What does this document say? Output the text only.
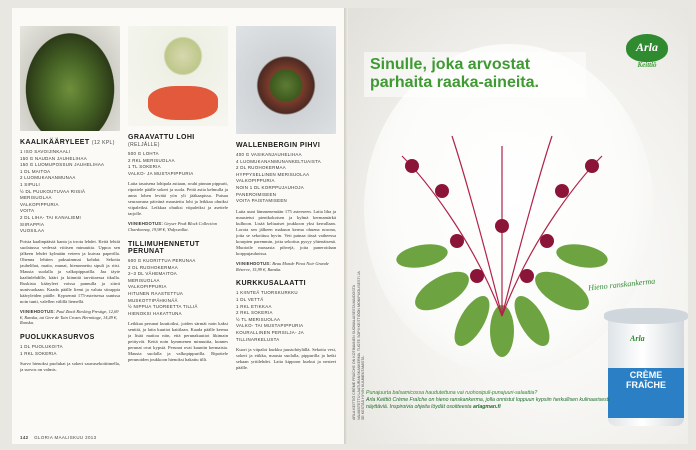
KAALIKÄÄRYLEET (12 KPL)
1 ISO SAVOIJINKAALI
150 G NAUDAN JAUHELIHAA
150 G LUOMUPOSSUN JAUHELIHAA
1 DL MAITOA
2 LUOMUKANANMUNAA
1 SIPULI
½ DL PUUKOUTUVAA RIISIÄ
MERISUOLAA
VALKOPIPPURIA
VOITA
2 DL LIHA- TAI KANALIEMI
SIIRAPPIA
VUOSILAA
Poista kaalinpäästä kanta ja irrota lehdet. Keitä lehtiä suolatussa vedessä viitisen minuuttia. Uppoa sen jälkeen lehdet kylmään veteen ja kuivaa paperilla. Ohenna lehtien paksuimmat kohdat. Sekoita jauhelihat, maito, munat, hienonnettu sipuli ja riisi. Mausta suolalla ja valkopippurilla. Jaa täyte kaalinlehdille, kääri ja kiinnitä tarvittaessa tikulla. Ruskista kääryleet voissa pannulla ja siirrä uunivuokaan. Kaada päälle liemi ja valuta siirappia kääryleiden päälle. Kypsennä 175-asteisessa uunissa noin tunti, valellen välillä liemellä.
VIINIEHDOTUS: Paul Zinck Riesling Prestige, 12,69 €, Ranska, tai Gere de Tain Crozes Hermitage, 14,49 €, Ranska.
PUOLUKKASURVOS
1 DL PUOLUKOITA
1 RKL SOKERIA
Survo hienoksi puolukat ja sokeri sauvasekoittimella, ja survos on valmis.
GRAAVATTU LOHI
(RELJÄLLE)
500 G LOHTA
2 RKL MERISUOLAA
1 TL SOKERIA
VALKO- JA MUSTAPIPPURIA
Laita tasaisena lohipala astiaan, rouhi pinnan pippurit, ripottele päälle sokeri ja suola. Peitä astia kelmulla ja anna lohen levätä yön yli jääkaapissa. Putsaa seuraavana päivänä maustettu lohi ja leikkaa ohuiksi viipaleiksi. Leikkaa ohuiksi viipaleiksi ja asettele tarjolle.
VIINIEHDOTUS: Geyser Peak Block Collection Chardonnay, 19,98 €, Yhdysvallat.
TILLIMUHENNETUT PERUNAT
600 G KUORITTUA PERUNAA
2 DL RUOHOKERMAA
2–3 DL VÄHEMAITOA
MERISUOLAA
VALKOPIPPURIA
HITUNEN RAASTETTUA
MUSKOTTIPÄHKINÄÄ
½ NIPPUA TUOREETTA TILLIÄ
HIENOKSI HAKATTUNA
Leikkaa perunat kuutioiksi, joiden särmät noin kaksi senttiä, ja laita kuutiot kattilaan. Kaada päälle kerma ja lisää maitoa niin, että perunakuutiot likimain peittyvät. Keitä noin kymmenen minuuttia, kunnes perunat ovat kypsiä. Perunat ovat kauniin kermaisia. Mausta suolalla ja valkopippurilla. Ripottele perunoiden joukkoon hienoksi hakattu tilli.
WALLENBERGIN PIHVI
400 G VASIKANJAUHELIHAA
4 LUOMUKANANMUNANKELTUAISTA
2 DL RUOHOKERMAA
HYPPYSELLINEN MERISUOLAA
VALKOPIPPURIA
NOIN 1 DL KORPPUJAUHOJA
PANEROIMISEEN
VOITA PAISTAMISEEN
Laita uuni lämmenemään 175 asteeseen. Laita liha ja maustetut pienikokoisen ja kylmä kermamärkä kulhoon. Lisää keltuaiset joukkoon yksi kerrallaan. Lorota sen jälkeen makuun kerma ohuena norona, jotta se sekoittuu hyvin. Veti painaa tässä vaiheessa kourpien paremmin, jotta sekoitus pysyy yhtenäisenä. Muotoile massasta pihvejä, joita paneroidaan korppujauhoissa.
VIINIEHDOTUS: Beau Monde Pinot Noir Grande Réserve, 15,99 €, Ranska.
KURKKUSALAATTI
1 KIINTEÄ TUORSKURKKU
1 DL VETTÄ
1 RKL ETIKKAA
2 RKL SOKERIA
½ TL MERISUOLAA
VALKO- TAI MUSTAPIPPURIA
KOURALLINEN PERSILJA- JA
TILLINARKELUSTA
Kuori ja viipaloi kurkku juustohöylällä. Sekoita vesi, sokeri ja etikka, mausta suolalla, pippurilla ja hetki sekaan yrttilehdet. Laita kippoon kurkut ja nesteet päälle.
142 GLORIA MAALISKUU 2013
Sinulle, joka arvostat
parhaita raaka-aineita.
Arla
Keittiö
Hieno ranskankerma
Arla
CRÈME
FRAÎCHE
Punajuurta balsamicossa haudutettuna vai ruohosipuli-punajuuri-salaattia?
Arla Keittiö Crème Fraîche on hieno ranskankerma, jolla onnistut loppuun kypsiin herkullisen kulinaarisesti näyttäviä. Inspiroivia ohjeita löydät osoitteesta arlagman.fi
ARLA KEITTIÖ CRÈME FRAÎCHE ON KOTIMAINEN SUOMALAISESTA MAIDOSTA VALMISTETTU LAATURANSKANKERMA. TUOTE SOPII KEITTIÖÖN MONIPUOLISESTI JA SE KESTÄÄ HYVIN KUUMENTAMISTA.
